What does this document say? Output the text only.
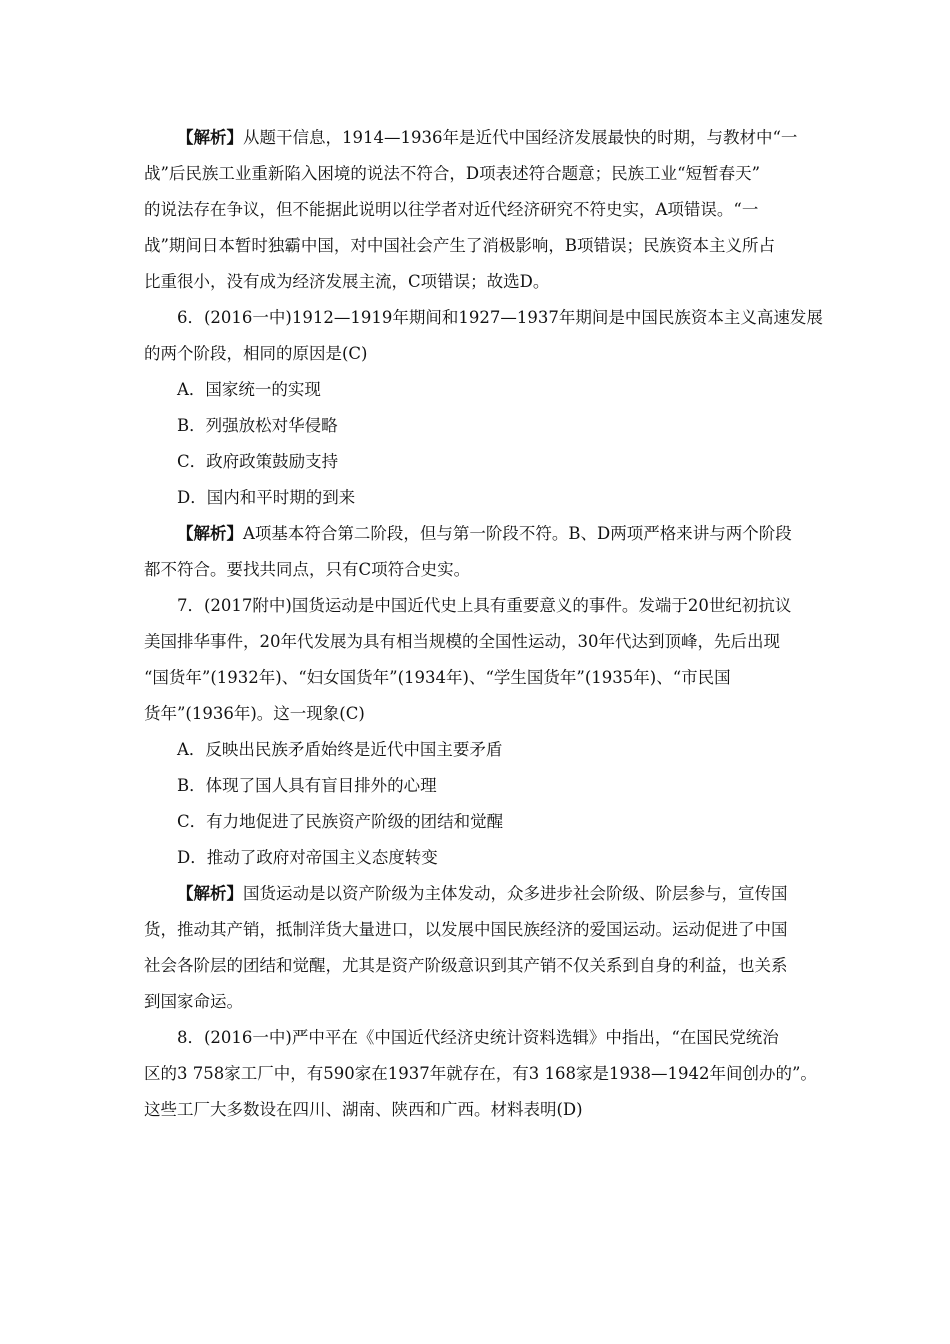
【解析】从题干信息，1914—1936年是近代中国经济发展最快的时期，与教材中“一
战”后民族工业重新陷入困境的说法不符合，D项表述符合题意；民族工业“短暂春天”
的说法存在争议，但不能据此说明以往学者对近代经济研究不符史实，A项错误。“一
战”期间日本暂时独霸中国，对中国社会产生了消极影响，B项错误；民族资本主义所占
比重很小，没有成为经济发展主流，C项错误；故选D。
6．(2016一中)1912—1919年期间和1927—1937年期间是中国民族资本主义高速发展
的两个阶段，相同的原因是(C)
A．国家统一的实现
B．列强放松对华侵略
C．政府政策鼓励支持
D．国内和平时期的到来
【解析】A项基本符合第二阶段，但与第一阶段不符。B、D两项严格来讲与两个阶段
都不符合。要找共同点，只有C项符合史实。
7．(2017附中)国货运动是中国近代史上具有重要意义的事件。发端于20世纪初抗议
美国排华事件，20年代发展为具有相当规模的全国性运动，30年代达到顶峰，先后出现
“国货年”(1932年)、“妇女国货年”(1934年)、“学生国货年”(1935年)、“市民国
货年”(1936年)。这一现象(C)
A．反映出民族矛盾始终是近代中国主要矛盾
B．体现了国人具有盲目排外的心理
C．有力地促进了民族资产阶级的团结和觉醒
D．推动了政府对帝国主义态度转变
【解析】国货运动是以资产阶级为主体发动，众多进步社会阶级、阶层参与，宣传国
货，推动其产销，抵制洋货大量进口，以发展中国民族经济的爱国运动。运动促进了中国
社会各阶层的团结和觉醒，尤其是资产阶级意识到其产销不仅关系到自身的利益，也关系
到国家命运。
8．(2016一中)严中平在《中国近代经济史统计资料选辑》中指出，“在国民党统治
区的3 758家工厂中，有590家在1937年就存在，有3 168家是1938—1942年间创办的”。
这些工厂大多数设在四川、湖南、陕西和广西。材料表明(D)
